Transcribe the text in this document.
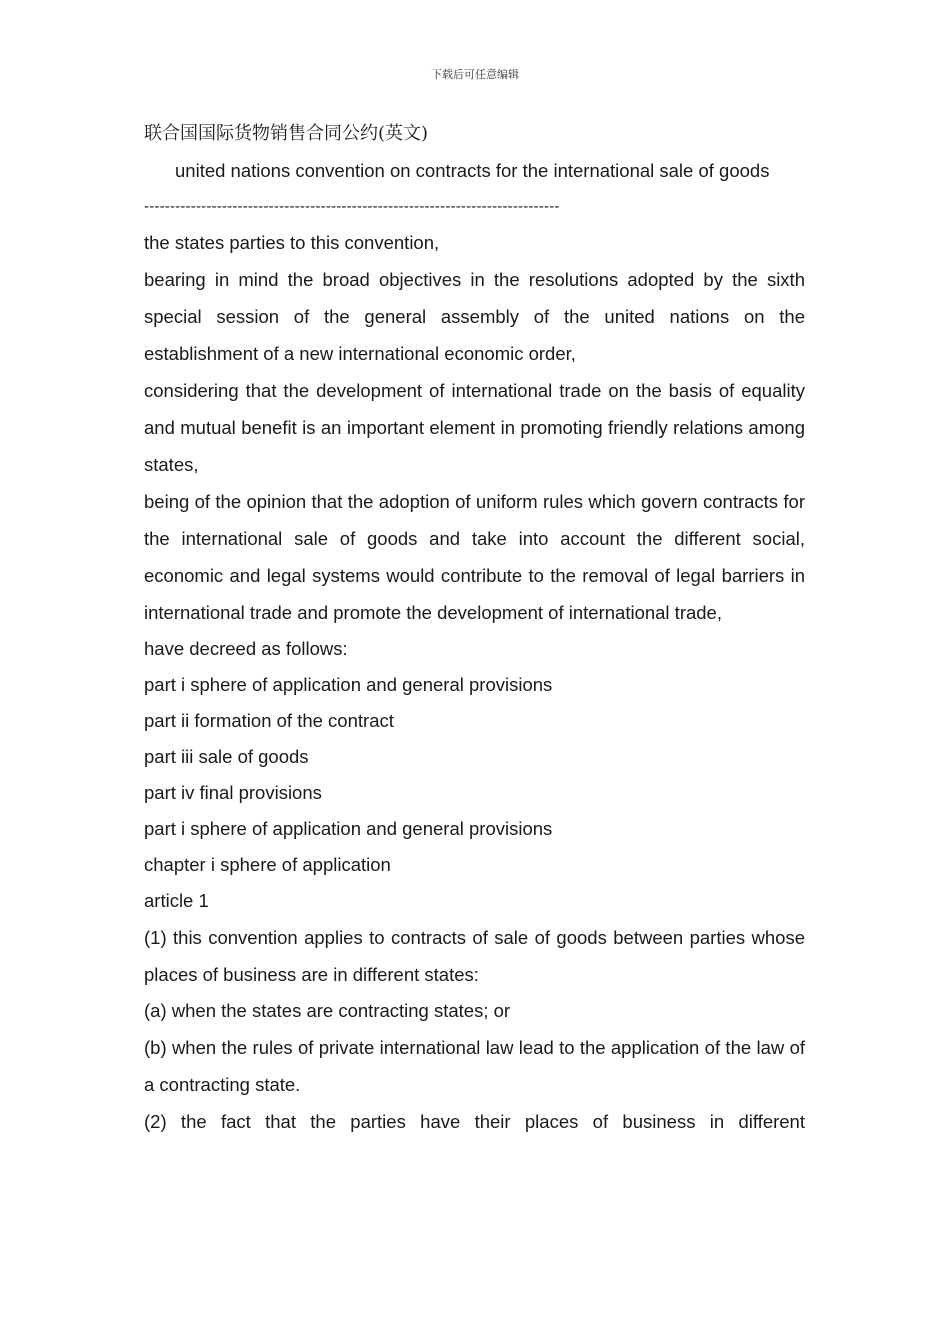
下载后可任意编辑
联合国国际货物销售合同公约(英文)

united nations convention on contracts for the international sale of goods

--------------------------------------------------------------------------------
the states parties to this convention,

bearing in mind the broad objectives in the resolutions adopted by the sixth special session of the general assembly of the united nations on the establishment of a new international economic order,

considering that the development of international trade on the basis of equality and mutual benefit is an important element in promoting friendly relations among states,

being of the opinion that the adoption of uniform rules which govern contracts for the international sale of goods and take into account the different social, economic and legal systems would contribute to the removal of legal barriers in international trade and promote the development of international trade,

have decreed as follows:
part i sphere of application and general provisions
part ii formation of the contract
part iii sale of goods
part iv final provisions
part i sphere of application and general provisions
chapter i sphere of application
article 1

(1) this convention applies to contracts of sale of goods between parties whose places of business are in different states:

(a) when the states are contracting states; or

(b) when the rules of private international law lead to the application of the law of a contracting state.

(2) the fact that the parties have their places of business in different
